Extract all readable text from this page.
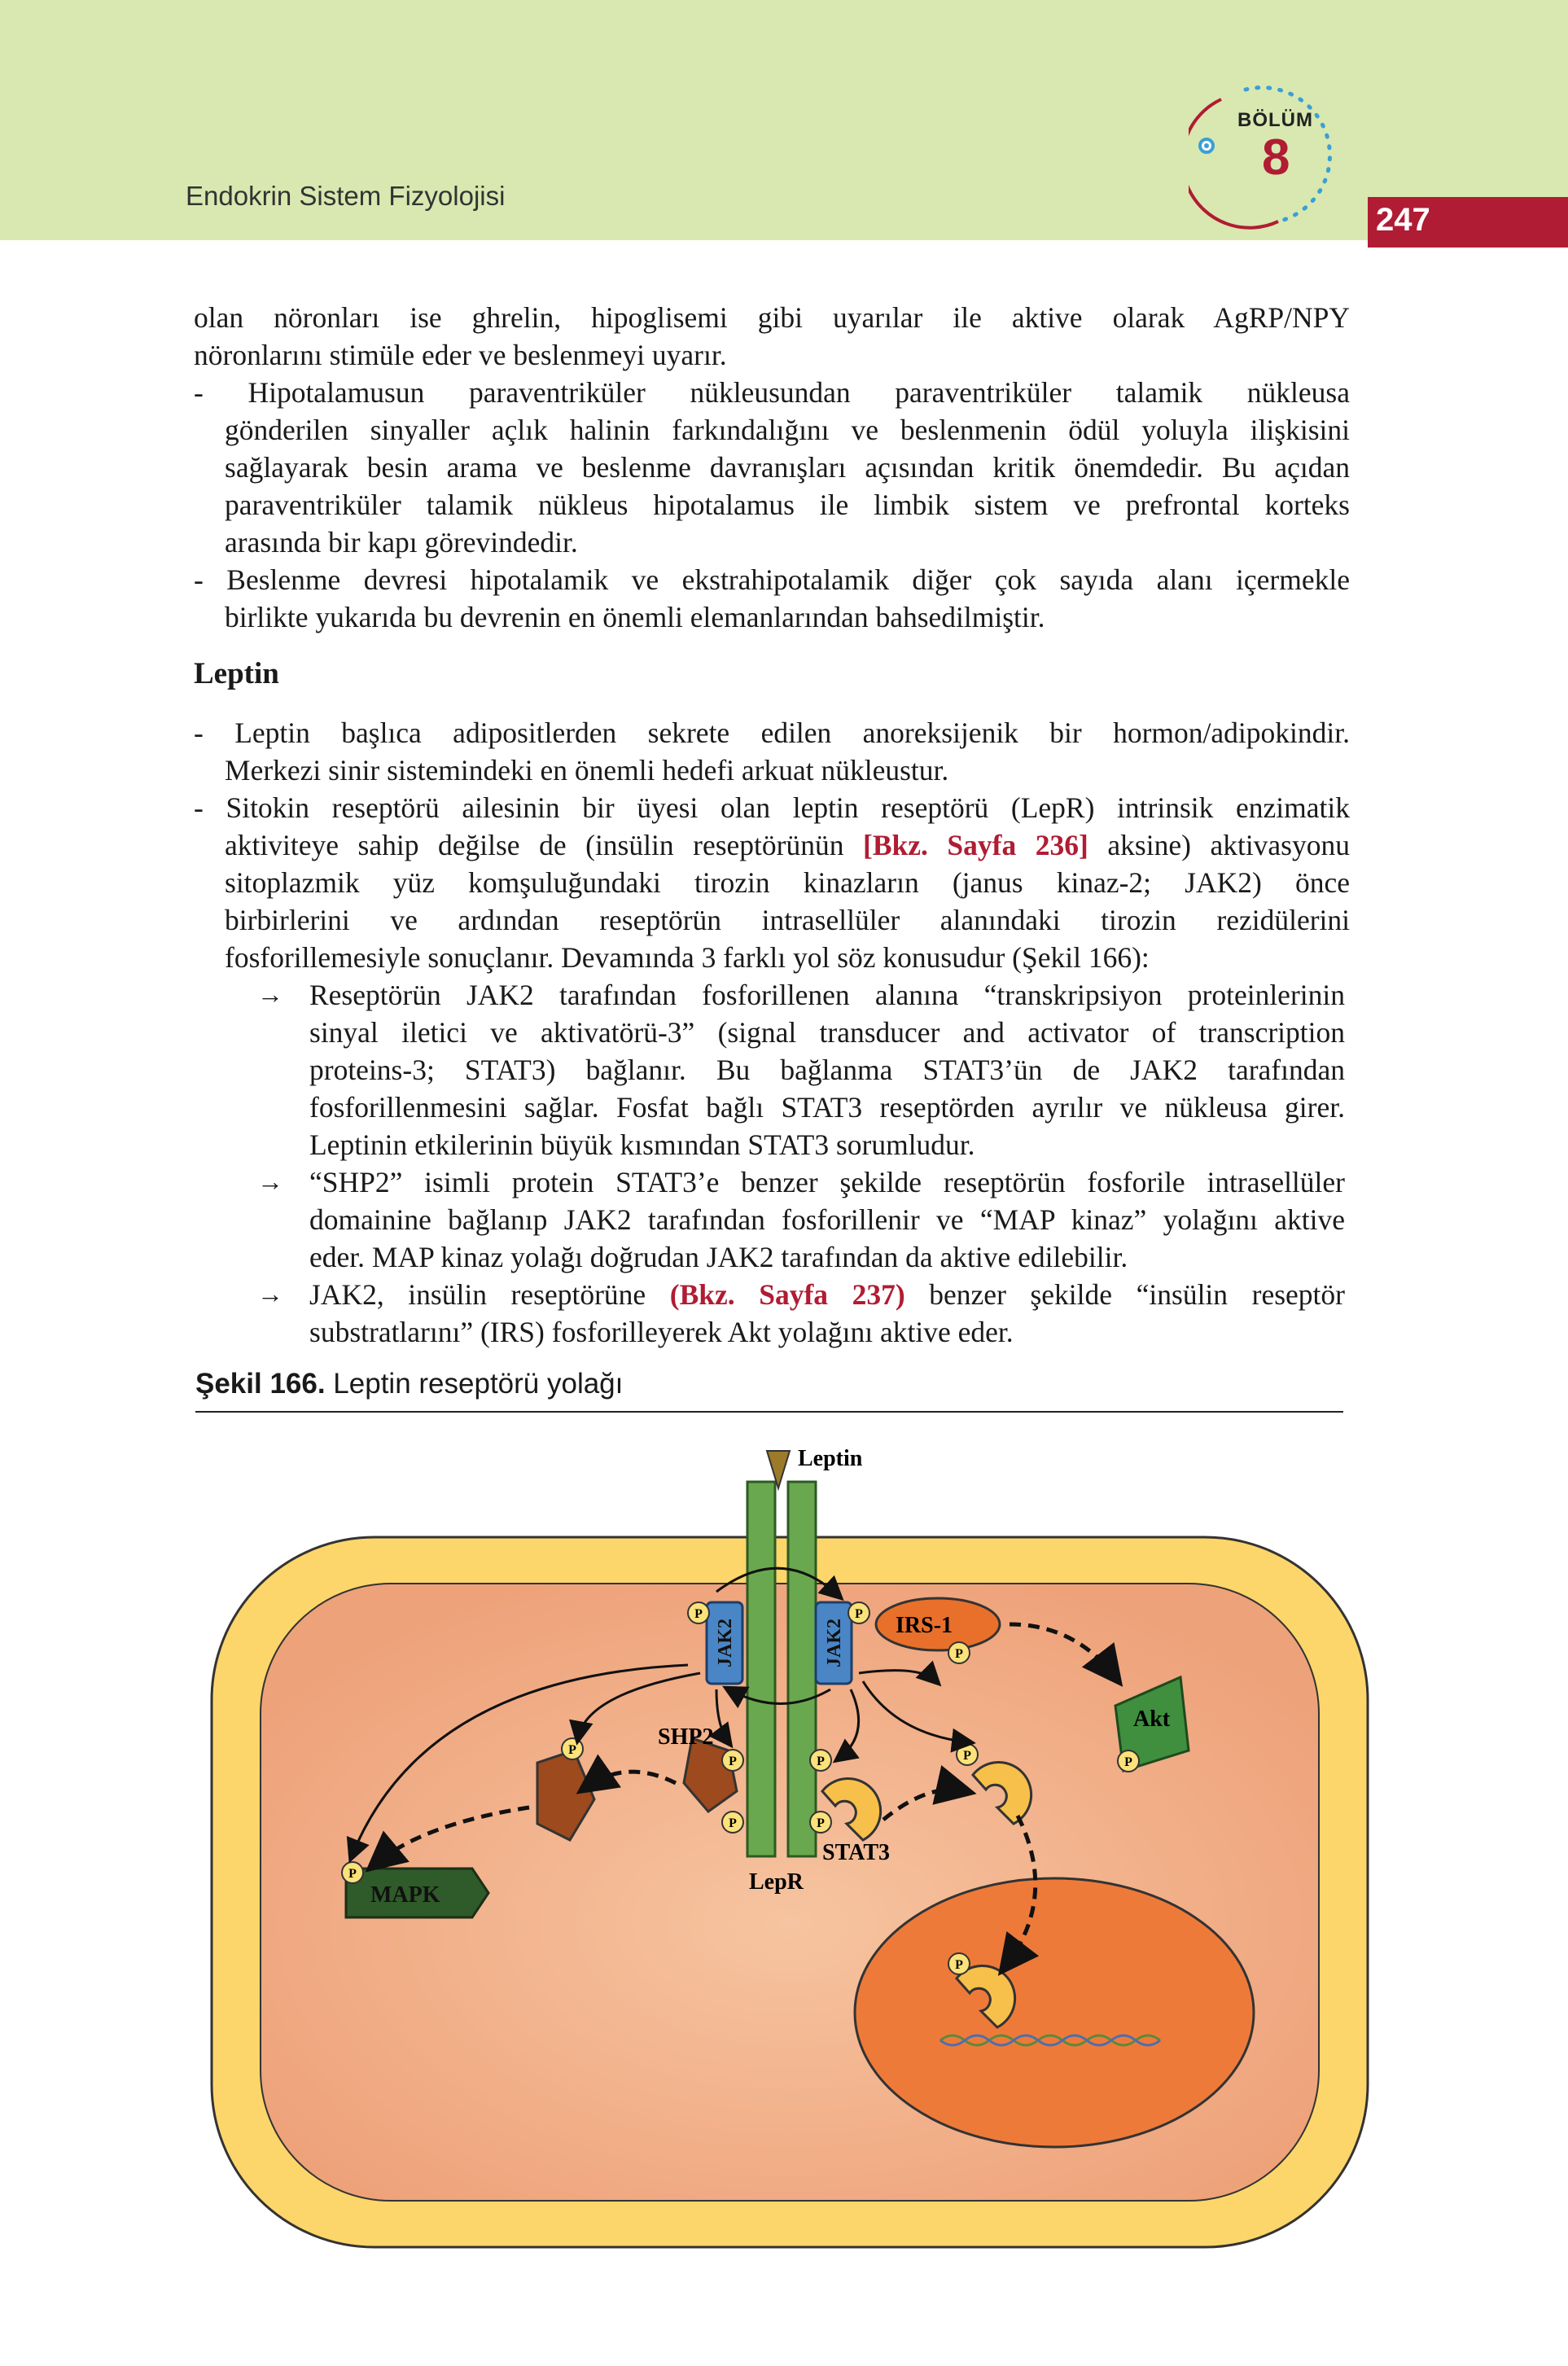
Endokrin Sistem Fizyolojisi
BÖLÜM
8
247
olan nöronları ise ghrelin, hipoglisemi gibi uyarılar ile aktive olarak AgRP/NPY
nöronlarını stimüle eder ve beslenmeyi uyarır.
- Hipotalamusun paraventriküler nükleusundan paraventriküler talamik nükleusa
gönderilen sinyaller açlık halinin farkındalığını ve beslenmenin ödül yoluyla ilişkisini
sağlayarak besin arama ve beslenme davranışları açısından kritik önemdedir. Bu açıdan
paraventriküler talamik nükleus hipotalamus ile limbik sistem ve prefrontal korteks
arasında bir kapı görevindedir.
- Beslenme devresi hipotalamik ve ekstrahipotalamik diğer çok sayıda alanı içermekle
birlikte yukarıda bu devrenin en önemli elemanlarından bahsedilmiştir.
Leptin
- Leptin başlıca adipositlerden sekrete edilen anoreksijenik bir hormon/adipokindir.
Merkezi sinir sistemindeki en önemli hedefi arkuat nükleustur.
- Sitokin reseptörü ailesinin bir üyesi olan leptin reseptörü (LepR) intrinsik enzimatik
aktiviteye sahip değilse de (insülin reseptörünün [Bkz. Sayfa 236] aksine) aktivasyonu
sitoplazmik yüz komşuluğundaki tirozin kinazların (janus kinaz-2; JAK2) önce
birbirlerini ve ardından reseptörün intrasellüler alanındaki tirozin rezidülerini
fosforillemesiyle sonuçlanır. Devamında 3 farklı yol söz konusudur (Şekil 166):
→ Reseptörün JAK2 tarafından fosforillenen alanına “transkripsiyon proteinlerinin
sinyal iletici ve aktivatörü-3” (signal transducer and activator of transcription
proteins-3; STAT3) bağlanır. Bu bağlanma STAT3’ün de JAK2 tarafından
fosforillenmesini sağlar. Fosfat bağlı STAT3 reseptörden ayrılır ve nükleusa girer.
Leptinin etkilerinin büyük kısmından STAT3 sorumludur.
→ “SHP2” isimli protein STAT3’e benzer şekilde reseptörün fosforile intrasellüler
domainine bağlanıp JAK2 tarafından fosforillenir ve “MAP kinaz” yolağını aktive
eder. MAP kinaz yolağı doğrudan JAK2 tarafından da aktive edilebilir.
→ JAK2, insülin reseptörüne (Bkz. Sayfa 237) benzer şekilde “insülin reseptör
substratlarını” (IRS) fosforilleyerek Akt yolağını aktive eder.
Şekil 166. Leptin reseptörü yolağı
Leptin
JAK2	JAK2 IRS-1
Akt
SHP2
STAT3
MAPK
LepR
P	P
P
P
P
P	P	P
P	P
P
P
